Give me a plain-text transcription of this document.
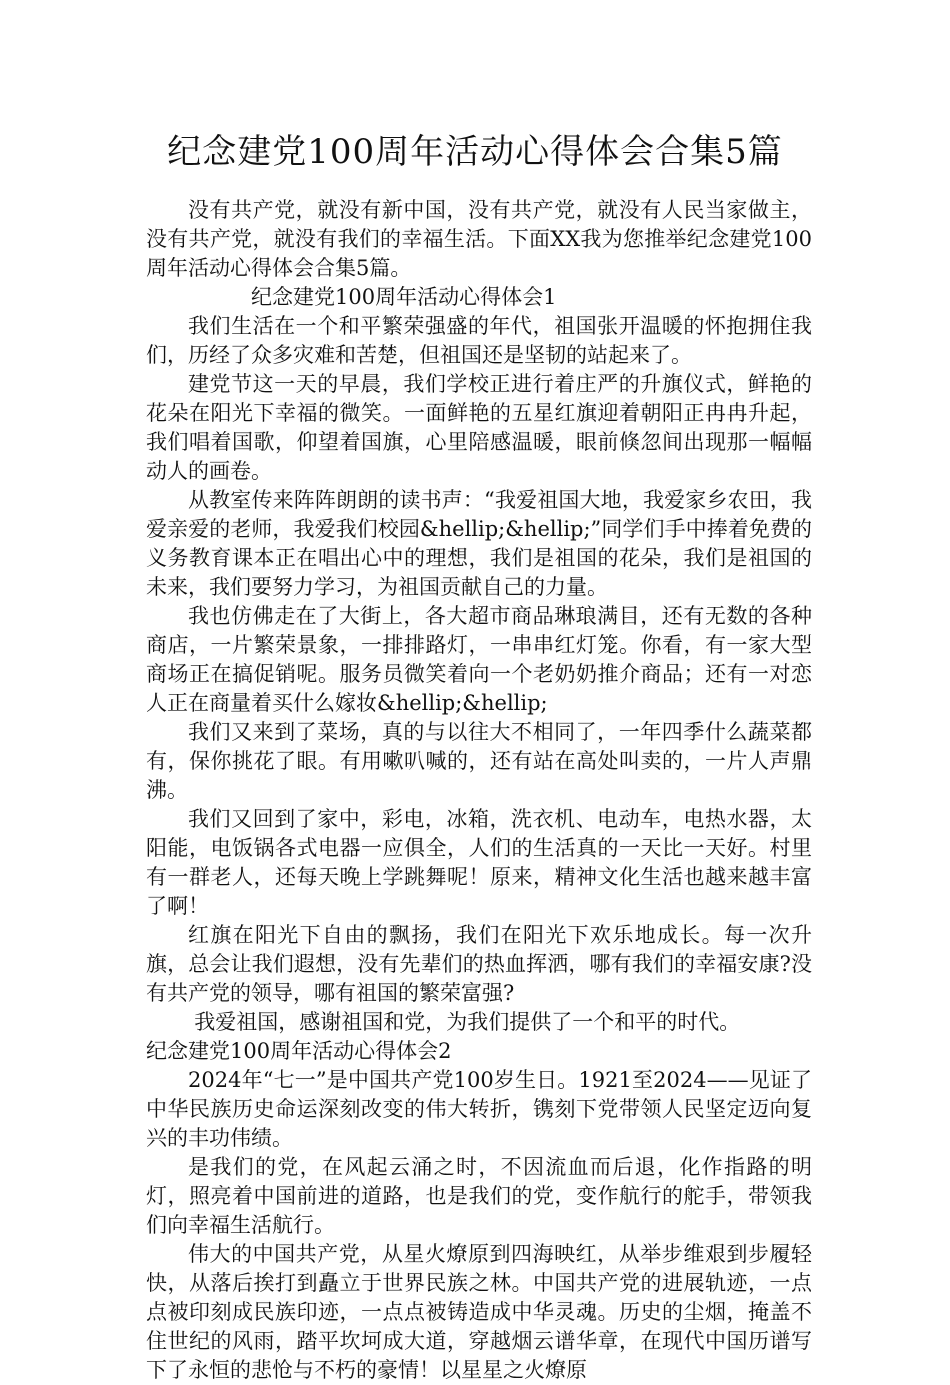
纪念建党100周年活动心得体会合集5篇

没有共产党，就没有新中国，没有共产党，就没有人民当家做主，没有共产党，就没有我们的幸福生活。下面XX我为您推举纪念建党100周年活动心得体会合集5篇。

纪念建党100周年活动心得体会1

我们生活在一个和平繁荣强盛的年代，祖国张开温暖的怀抱拥住我们，历经了众多灾难和苦楚，但祖国还是坚韧的站起来了。

建党节这一天的早晨，我们学校正进行着庄严的升旗仪式，鲜艳的花朵在阳光下幸福的微笑。一面鲜艳的五星红旗迎着朝阳正冉冉升起，我们唱着国歌，仰望着国旗，心里陪感温暖，眼前倏忽间出现那一幅幅动人的画卷。

从教室传来阵阵朗朗的读书声：“我爱祖国大地，我爱家乡农田，我爱亲爱的老师，我爱我们校园&hellip;&hellip;”同学们手中捧着免费的义务教育课本正在唱出心中的理想，我们是祖国的花朵，我们是祖国的未来，我们要努力学习，为祖国贡献自己的力量。

我也仿佛走在了大街上，各大超市商品琳琅满目，还有无数的各种商店，一片繁荣景象，一排排路灯，一串串红灯笼。你看，有一家大型商场正在搞促销呢。服务员微笑着向一个老奶奶推介商品；还有一对恋人正在商量着买什么嫁妆&hellip;&hellip;

我们又来到了菜场，真的与以往大不相同了，一年四季什么蔬菜都有，保你挑花了眼。有用嗽叭喊的，还有站在高处叫卖的，一片人声鼎沸。

我们又回到了家中，彩电，冰箱，洗衣机、电动车，电热水器，太阳能，电饭锅各式电器一应俱全，人们的生活真的一天比一天好。村里有一群老人，还每天晚上学跳舞呢！原来，精神文化生活也越来越丰富了啊！

红旗在阳光下自由的飘扬，我们在阳光下欢乐地成长。每一次升旗，总会让我们遐想，没有先辈们的热血挥洒，哪有我们的幸福安康?没有共产党的领导，哪有祖国的繁荣富强?

我爱祖国，感谢祖国和党，为我们提供了一个和平的时代。

纪念建党100周年活动心得体会2

2024年“七一”是中国共产党100岁生日。1921至2024——见证了中华民族历史命运深刻改变的伟大转折，镌刻下党带领人民坚定迈向复兴的丰功伟绩。

是我们的党，在风起云涌之时，不因流血而后退，化作指路的明灯，照亮着中国前进的道路，也是我们的党，变作航行的舵手，带领我们向幸福生活航行。

伟大的中国共产党，从星火燎原到四海映红，从举步维艰到步履轻快，从落后挨打到矗立于世界民族之林。中国共产党的进展轨迹，一点点被印刻成民族印迹，一点点被铸造成中华灵魂。历史的尘烟，掩盖不住世纪的风雨，踏平坎坷成大道，穿越烟云谱华章，在现代中国历谱写下了永恒的悲怆与不朽的豪情！以星星之火燎原
